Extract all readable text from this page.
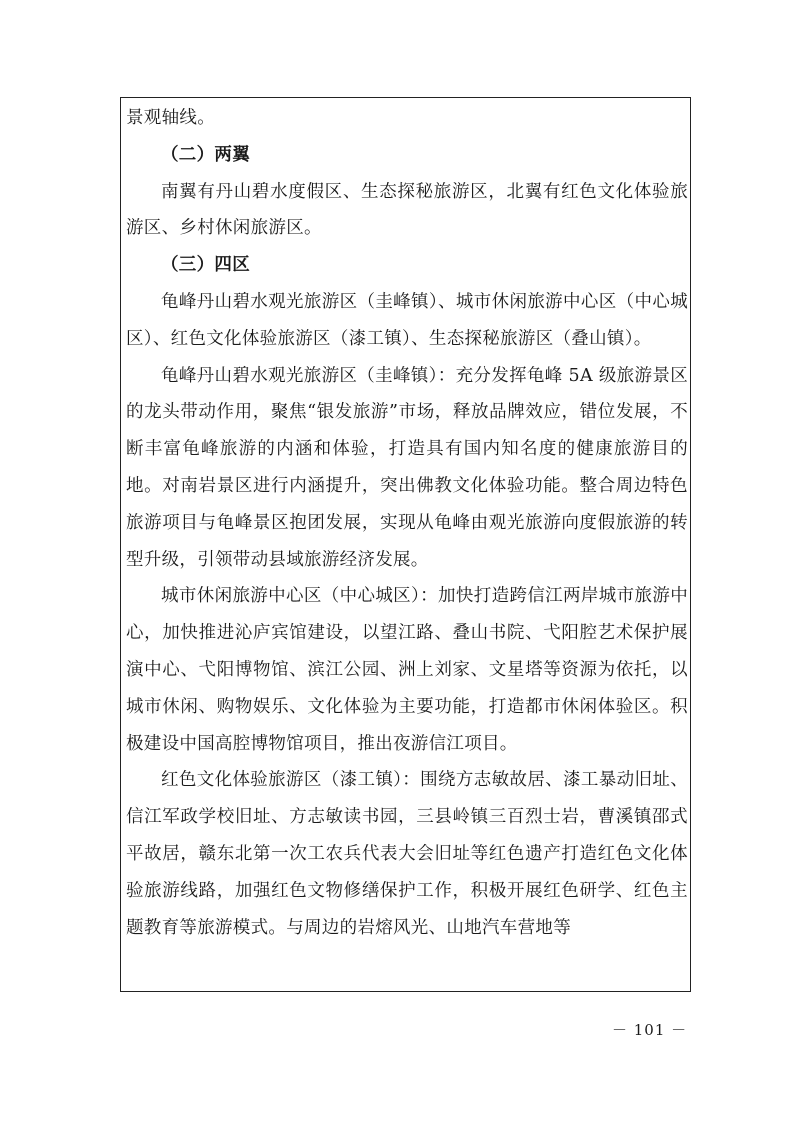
景观轴线。

（二）两翼

南翼有丹山碧水度假区、生态探秘旅游区，北翼有红色文化体验旅游区、乡村休闲旅游区。

（三）四区

龟峰丹山碧水观光旅游区（圭峰镇）、城市休闲旅游中心区（中心城区）、红色文化体验旅游区（漆工镇）、生态探秘旅游区（叠山镇）。

龟峰丹山碧水观光旅游区（圭峰镇）：充分发挥龟峰 5A 级旅游景区的龙头带动作用，聚焦“银发旅游”市场，释放品牌效应，错位发展，不断丰富龟峰旅游的内涵和体验，打造具有国内知名度的健康旅游目的地。对南岩景区进行内涵提升，突出佛教文化体验功能。整合周边特色旅游项目与龟峰景区抱团发展，实现从龟峰由观光旅游向度假旅游的转型升级，引领带动县域旅游经济发展。

城市休闲旅游中心区（中心城区）：加快打造跨信江两岸城市旅游中心，加快推进沁庐宾馆建设，以望江路、叠山书院、弋阳腔艺术保护展演中心、弋阳博物馆、滨江公园、洲上刘家、文星塔等资源为依托，以城市休闲、购物娱乐、文化体验为主要功能，打造都市休闲体验区。积极建设中国高腔博物馆项目，推出夜游信江项目。

红色文化体验旅游区（漆工镇）：围绕方志敏故居、漆工暴动旧址、信江军政学校旧址、方志敏读书园，三县岭镇三百烈士岩，曹溪镇邵式平故居，赣东北第一次工农兵代表大会旧址等红色遗产打造红色文化体验旅游线路，加强红色文物修缮保护工作，积极开展红色研学、红色主题教育等旅游模式。与周边的岩熔风光、山地汽车营地等

－ 101 －
